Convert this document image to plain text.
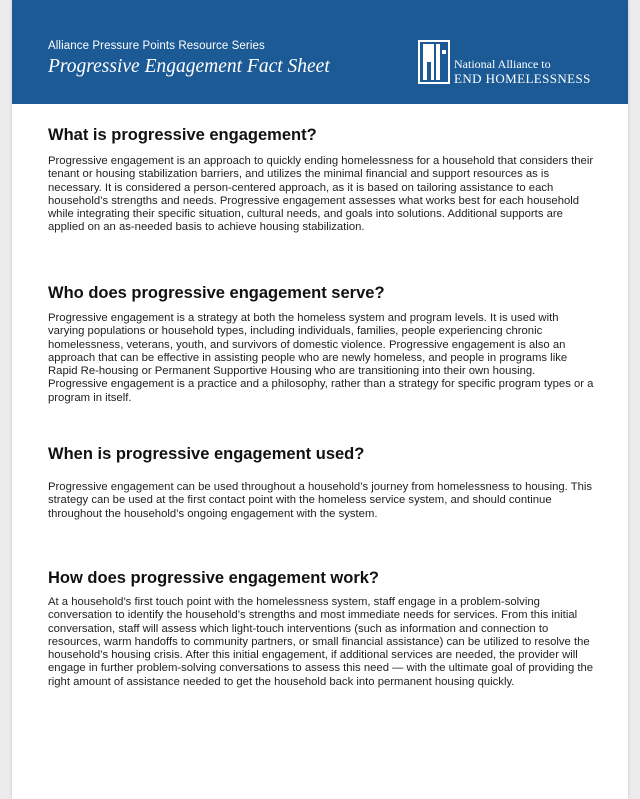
Alliance Pressure Points Resource Series
Progressive Engagement Fact Sheet	National Alliance to
END HOMELESSNESS
What is progressive engagement?

Progressive engagement is an approach to quickly ending homelessness for a household that considers their tenant or housing stabilization barriers, and utilizes the minimal financial and support resources as is necessary. It is considered a person-centered approach, as it is based on tailoring assistance to each household’s strengths and needs. Progressive engagement assesses what works best for each household while integrating their specific situation, cultural needs, and goals into solutions. Additional supports are applied on an as-needed basis to achieve housing stabilization.

Who does progressive engagement serve?

Progressive engagement is a strategy at both the homeless system and program levels. It is used with varying populations or household types, including individuals, families, people experiencing chronic homelessness, veterans, youth, and survivors of domestic violence. Progressive engagement is also an approach that can be effective in assisting people who are newly homeless, and people in programs like Rapid Re-housing or Permanent Supportive Housing who are transitioning into their own housing. Progressive engagement is a practice and a philosophy, rather than a strategy for specific program types or a program in itself.

When is progressive engagement used?

Progressive engagement can be used throughout a household’s journey from homelessness to housing. This strategy can be used at the first contact point with the homeless service system, and should continue throughout the household’s ongoing engagement with the system.

How does progressive engagement work?

At a household’s first touch point with the homelessness system, staff engage in a problem-solving conversation to identify the household’s strengths and most immediate needs for services. From this initial conversation, staff will assess which light-touch interventions (such as information and connection to resources, warm handoffs to community partners, or small financial assistance) can be utilized to resolve the household’s housing crisis. After this initial engagement, if additional services are needed, the provider will engage in further problem-solving conversations to assess this need — with the ultimate goal of providing the right amount of assistance needed to get the household back into permanent housing quickly.
